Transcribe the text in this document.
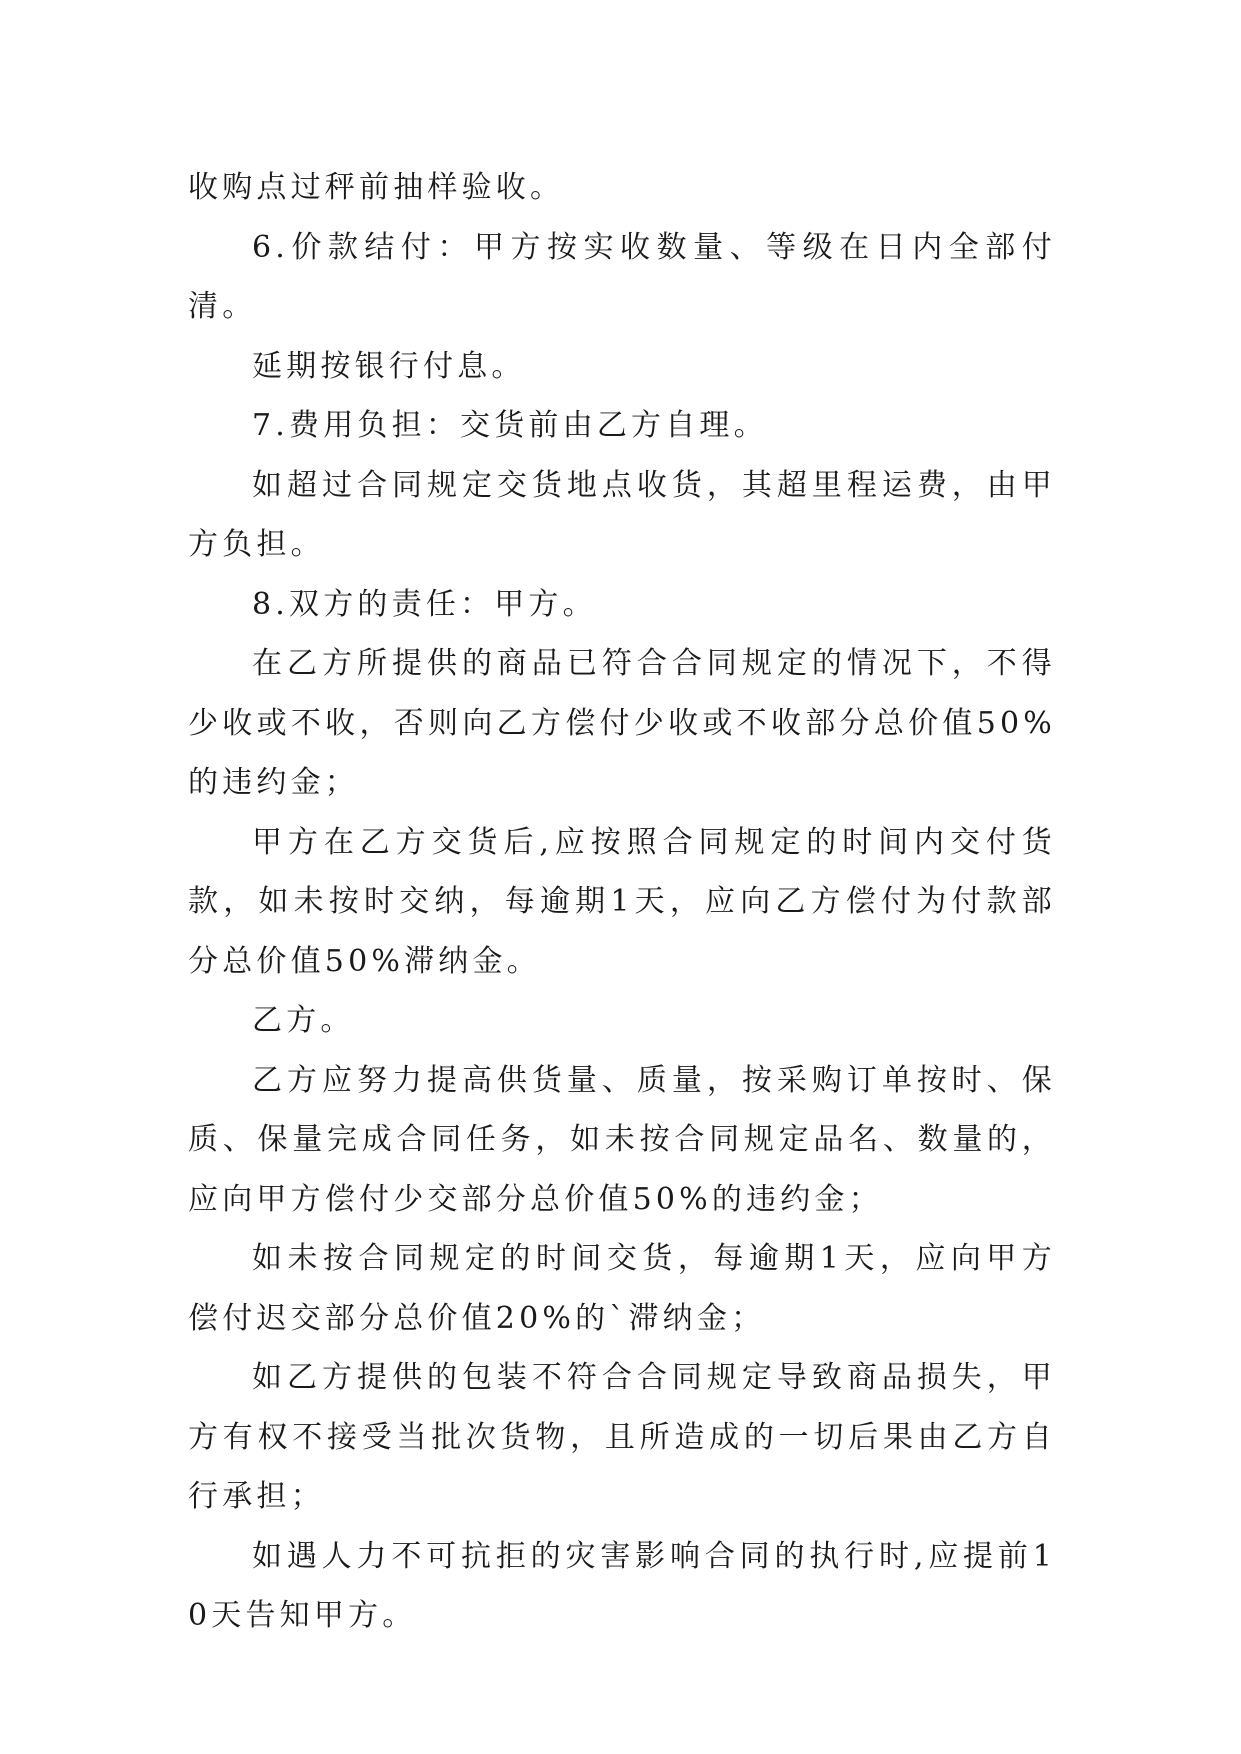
收购点过秤前抽样验收。
6.价款结付：甲方按实收数量、等级在日内全部付清。
延期按银行付息。
7.费用负担：交货前由乙方自理。
如超过合同规定交货地点收货，其超里程运费，由甲方负担。
8.双方的责任：甲方。
在乙方所提供的商品已符合合同规定的情况下，不得少收或不收，否则向乙方偿付少收或不收部分总价值50%的违约金；
甲方在乙方交货后,应按照合同规定的时间内交付货款，如未按时交纳，每逾期1天，应向乙方偿付为付款部分总价值50%滞纳金。
乙方。
乙方应努力提高供货量、质量，按采购订单按时、保质、保量完成合同任务，如未按合同规定品名、数量的，应向甲方偿付少交部分总价值50%的违约金；
如未按合同规定的时间交货，每逾期1天，应向甲方偿付迟交部分总价值20%的`滞纳金；
如乙方提供的包装不符合合同规定导致商品损失，甲方有权不接受当批次货物，且所造成的一切后果由乙方自行承担；
如遇人力不可抗拒的灾害影响合同的执行时,应提前10天告知甲方。
